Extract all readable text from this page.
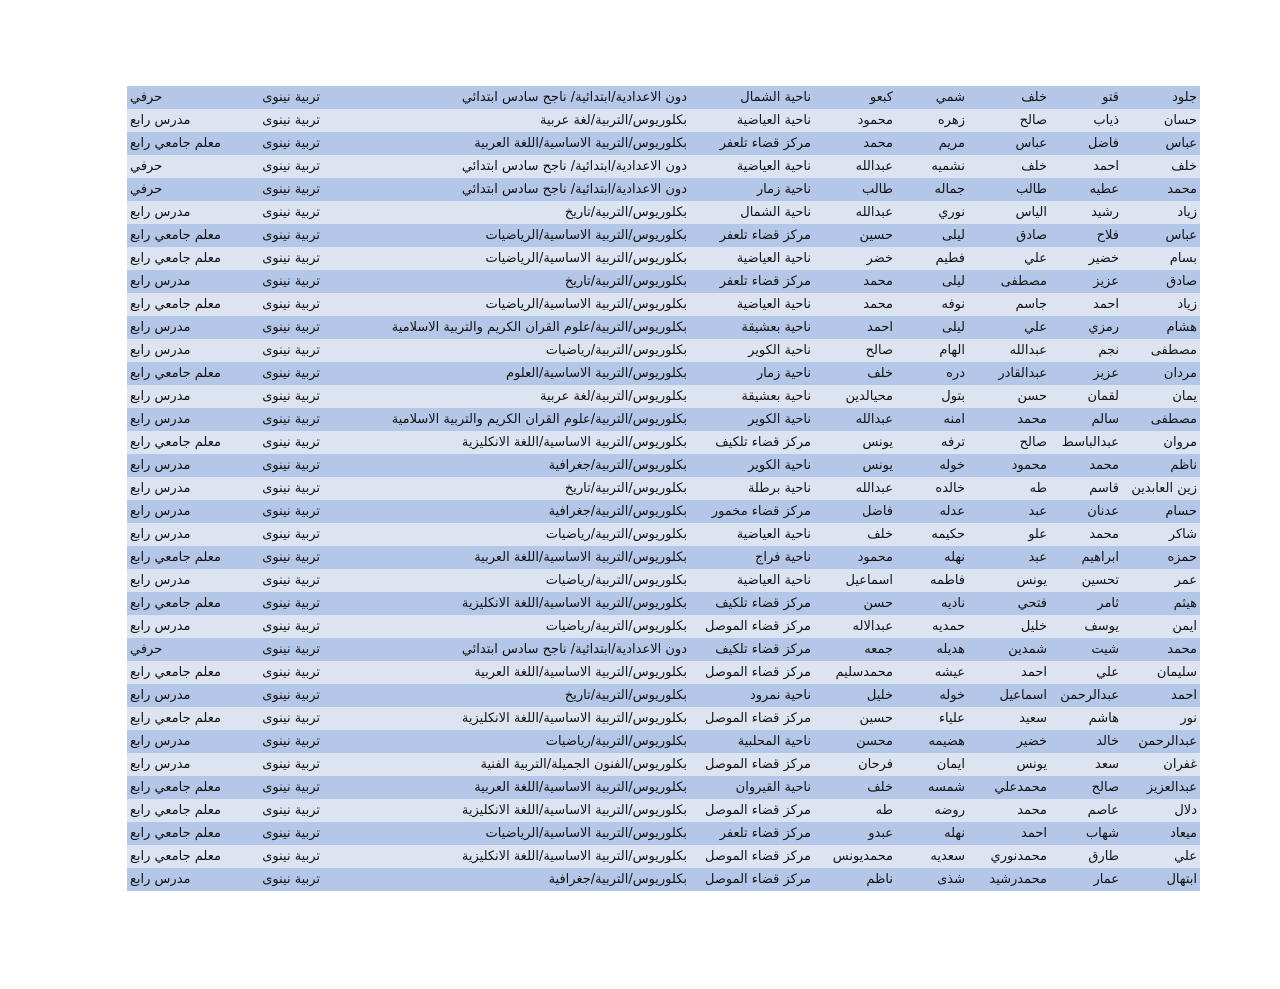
جلود	قتو	خلف	شمي	كبعو	ناحية الشمال	دون الاعدادية/ابتدائية/ ناجح سادس ابتدائي	تربية نينوى	حرفي
حسان	ذياب	صالح	زهره	محمود	ناحية العياضية	بكلوريوس/التربية/لغة عربية	تربية نينوى	مدرس رابع
عباس	فاضل	عباس	مريم	محمد	مركز قضاء تلعفر	بكلوريوس/التربية الاساسية/اللغة العربية	تربية نينوى	معلم جامعي رابع
خلف	احمد	خلف	نشميه	عبدالله	ناحية العياضية	دون الاعدادية/ابتدائية/ ناجح سادس ابتدائي	تربية نينوى	حرفي
محمد	عطيه	طالب	جماله	طالب	ناحية زمار	دون الاعدادية/ابتدائية/ ناجح سادس ابتدائي	تربية نينوى	حرفي
زياد	رشيد	الياس	نوري	عبدالله	ناحية الشمال	بكلوريوس/التربية/تاريخ	تربية نينوى	مدرس رابع
عباس	فلاح	صادق	ليلى	حسين	مركز قضاء تلعفر	بكلوريوس/التربية الاساسية/الرياضيات	تربية نينوى	معلم جامعي رابع
بسام	خضير	علي	فطيم	خضر	ناحية العياضية	بكلوريوس/التربية الاساسية/الرياضيات	تربية نينوى	معلم جامعي رابع
صادق	عزيز	مصطفى	ليلى	محمد	مركز قضاء تلعفر	بكلوريوس/التربية/تاريخ	تربية نينوى	مدرس رابع
زياد	احمد	جاسم	نوفه	محمد	ناحية العياضية	بكلوريوس/التربية الاساسية/الرياضيات	تربية نينوى	معلم جامعي رابع
هشام	رمزي	علي	ليلى	احمد	ناحية بعشيقة	بكلوريوس/التربية/علوم القران الكريم والتربية الاسلامية	تربية نينوى	مدرس رابع
مصطفى	نجم	عبدالله	الهام	صالح	ناحية الكوير	بكلوريوس/التربية/رياضيات	تربية نينوى	مدرس رابع
مردان	عزيز	عبدالقادر	دره	خلف	ناحية زمار	بكلوريوس/التربية الاساسية/العلوم	تربية نينوى	معلم جامعي رابع
يمان	لقمان	حسن	بتول	محيالدين	ناحية بعشيقة	بكلوريوس/التربية/لغة عربية	تربية نينوى	مدرس رابع
مصطفى	سالم	محمد	امنه	عبدالله	ناحية الكوير	بكلوريوس/التربية/علوم القران الكريم والتربية الاسلامية	تربية نينوى	مدرس رابع
مروان	عبدالباسط	صالح	ترفه	يونس	مركز قضاء تلكيف	بكلوريوس/التربية الاساسية/اللغة الانكليزية	تربية نينوى	معلم جامعي رابع
ناظم	محمد	محمود	خوله	يونس	ناحية الكوير	بكلوريوس/التربية/جغرافية	تربية نينوى	مدرس رابع
زين العابدين	قاسم	طه	خالده	عبدالله	ناحية برطلة	بكلوريوس/التربية/تاريخ	تربية نينوى	مدرس رابع
حسام	عدنان	عبد	عدله	فاضل	مركز قضاء مخمور	بكلوريوس/التربية/جغرافية	تربية نينوى	مدرس رابع
شاكر	محمد	علو	حكيمه	خلف	ناحية العياضية	بكلوريوس/التربية/رياضيات	تربية نينوى	مدرس رابع
حمزه	ابراهيم	عبد	نهله	محمود	ناحية فراج	بكلوريوس/التربية الاساسية/اللغة العربية	تربية نينوى	معلم جامعي رابع
عمر	تحسين	يونس	فاطمه	اسماعيل	ناحية العياضية	بكلوريوس/التربية/رياضيات	تربية نينوى	مدرس رابع
هيثم	ثامر	فتحي	ناديه	حسن	مركز قضاء تلكيف	بكلوريوس/التربية الاساسية/اللغة الانكليزية	تربية نينوى	معلم جامعي رابع
ايمن	يوسف	خليل	حمديه	عبدالاله	مركز قضاء الموصل	بكلوريوس/التربية/رياضيات	تربية نينوى	مدرس رابع
محمد	شيت	شمدين	هديله	جمعه	مركز قضاء تلكيف	دون الاعدادية/ابتدائية/ ناجح سادس ابتدائي	تربية نينوى	حرفي
سليمان	علي	احمد	عيشه	محمدسليم	مركز قضاء الموصل	بكلوريوس/التربية الاساسية/اللغة العربية	تربية نينوى	معلم جامعي رابع
احمد	عبدالرحمن	اسماعيل	خوله	خليل	ناحية نمرود	بكلوريوس/التربية/تاريخ	تربية نينوى	مدرس رابع
نور	هاشم	سعيد	علياء	حسين	مركز قضاء الموصل	بكلوريوس/التربية الاساسية/اللغة الانكليزية	تربية نينوى	معلم جامعي رابع
عبدالرحمن	خالد	خضير	هضيمه	محسن	ناحية المحلبية	بكلوريوس/التربية/رياضيات	تربية نينوى	مدرس رابع
غفران	سعد	يونس	ايمان	فرحان	مركز قضاء الموصل	بكلوريوس/الفنون الجميلة/التربية الفنية	تربية نينوى	مدرس رابع
عبدالعزيز	صالح	محمدعلي	شمسه	خلف	ناحية القيروان	بكلوريوس/التربية الاساسية/اللغة العربية	تربية نينوى	معلم جامعي رابع
دلال	عاصم	محمد	روضه	طه	مركز قضاء الموصل	بكلوريوس/التربية الاساسية/اللغة الانكليزية	تربية نينوى	معلم جامعي رابع
ميعاد	شهاب	احمد	نهله	عبدو	مركز قضاء تلعفر	بكلوريوس/التربية الاساسية/الرياضيات	تربية نينوى	معلم جامعي رابع
علي	طارق	محمدنوري	سعديه	محمديونس	مركز قضاء الموصل	بكلوريوس/التربية الاساسية/اللغة الانكليزية	تربية نينوى	معلم جامعي رابع
ابتهال	عمار	محمدرشيد	شذى	ناظم	مركز قضاء الموصل	بكلوريوس/التربية/جغرافية	تربية نينوى	مدرس رابع
